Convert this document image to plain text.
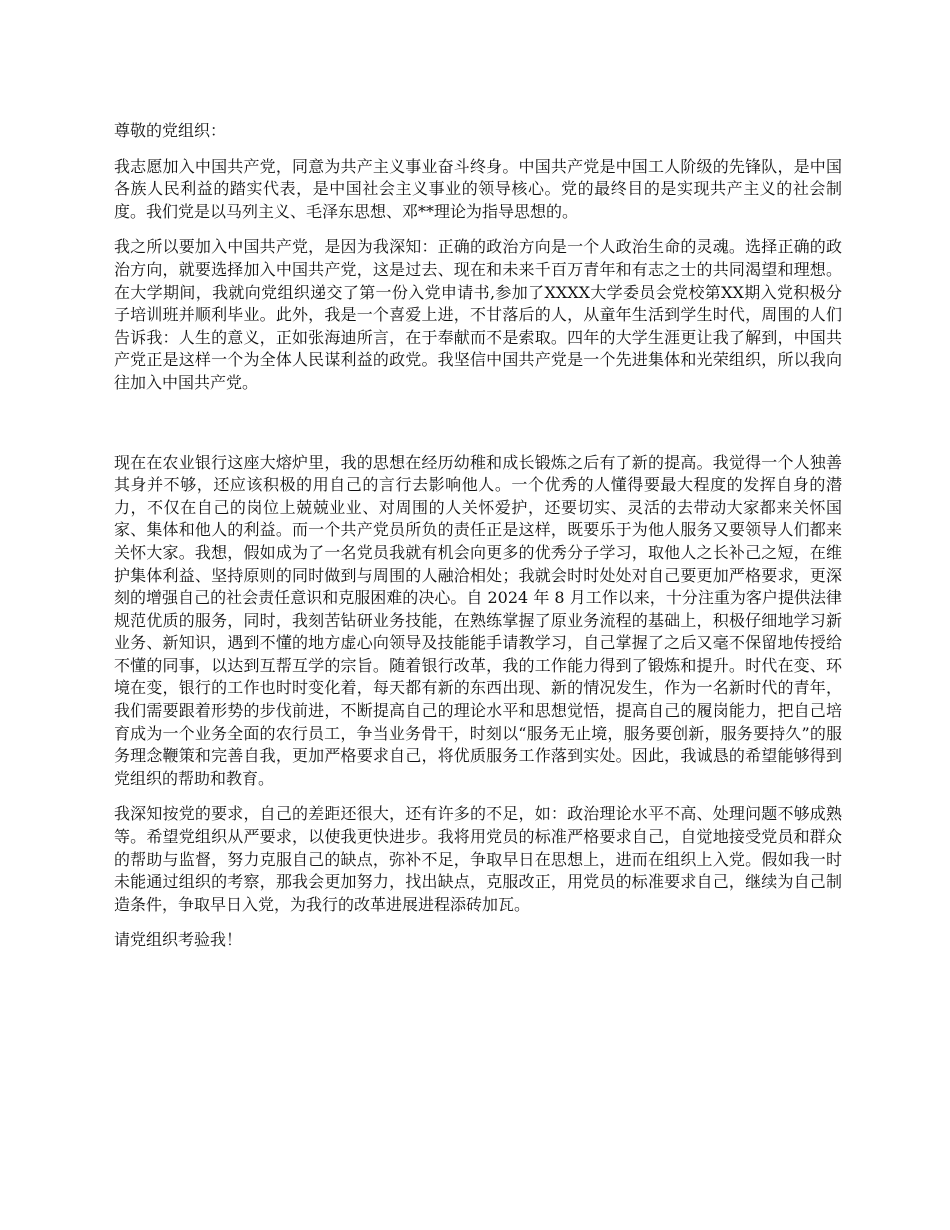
尊敬的党组织：

我志愿加入中国共产党，同意为共产主义事业奋斗终身。中国共产党是中国工人阶级的先锋队，是中国各族人民利益的踏实代表，是中国社会主义事业的领导核心。党的最终目的是实现共产主义的社会制度。我们党是以马列主义、毛泽东思想、邓**理论为指导思想的。

我之所以要加入中国共产党，是因为我深知：正确的政治方向是一个人政治生命的灵魂。选择正确的政治方向，就要选择加入中国共产党，这是过去、现在和未来千百万青年和有志之士的共同渴望和理想。在大学期间，我就向党组织递交了第一份入党申请书,参加了XXXX大学委员会党校第XX期入党积极分子培训班并顺利毕业。此外，我是一个喜爱上进，不甘落后的人，从童年生活到学生时代，周围的人们告诉我：人生的意义，正如张海迪所言，在于奉献而不是索取。四年的大学生涯更让我了解到，中国共产党正是这样一个为全体人民谋利益的政党。我坚信中国共产党是一个先进集体和光荣组织，所以我向往加入中国共产党。

现在在农业银行这座大熔炉里，我的思想在经历幼稚和成长锻炼之后有了新的提高。我觉得一个人独善其身并不够，还应该积极的用自己的言行去影响他人。一个优秀的人懂得要最大程度的发挥自身的潜力，不仅在自己的岗位上兢兢业业、对周围的人关怀爱护，还要切实、灵活的去带动大家都来关怀国家、集体和他人的利益。而一个共产党员所负的责任正是这样，既要乐于为他人服务又要领导人们都来关怀大家。我想，假如成为了一名党员我就有机会向更多的优秀分子学习，取他人之长补己之短，在维护集体利益、坚持原则的同时做到与周围的人融洽相处；我就会时时处处对自己要更加严格要求，更深刻的增强自己的社会责任意识和克服困难的决心。自 2024 年 8 月工作以来，十分注重为客户提供法律规范优质的服务，同时，我刻苦钻研业务技能，在熟练掌握了原业务流程的基础上，积极仔细地学习新业务、新知识，遇到不懂的地方虚心向领导及技能能手请教学习，自己掌握了之后又毫不保留地传授给不懂的同事，以达到互帮互学的宗旨。随着银行改革，我的工作能力得到了锻炼和提升。时代在变、环境在变，银行的工作也时时变化着，每天都有新的东西出现、新的情况发生，作为一名新时代的青年，我们需要跟着形势的步伐前进，不断提高自己的理论水平和思想觉悟，提高自己的履岗能力，把自己培育成为一个业务全面的农行员工，争当业务骨干，时刻以“服务无止境，服务要创新，服务要持久”的服务理念鞭策和完善自我，更加严格要求自己，将优质服务工作落到实处。因此，我诚恳的希望能够得到党组织的帮助和教育。

我深知按党的要求，自己的差距还很大，还有许多的不足，如：政治理论水平不高、处理问题不够成熟等。希望党组织从严要求，以使我更快进步。我将用党员的标准严格要求自己，自觉地接受党员和群众的帮助与监督，努力克服自己的缺点，弥补不足，争取早日在思想上，进而在组织上入党。假如我一时未能通过组织的考察，那我会更加努力，找出缺点，克服改正，用党员的标准要求自己，继续为自己制造条件，争取早日入党，为我行的改革进展进程添砖加瓦。

请党组织考验我！
